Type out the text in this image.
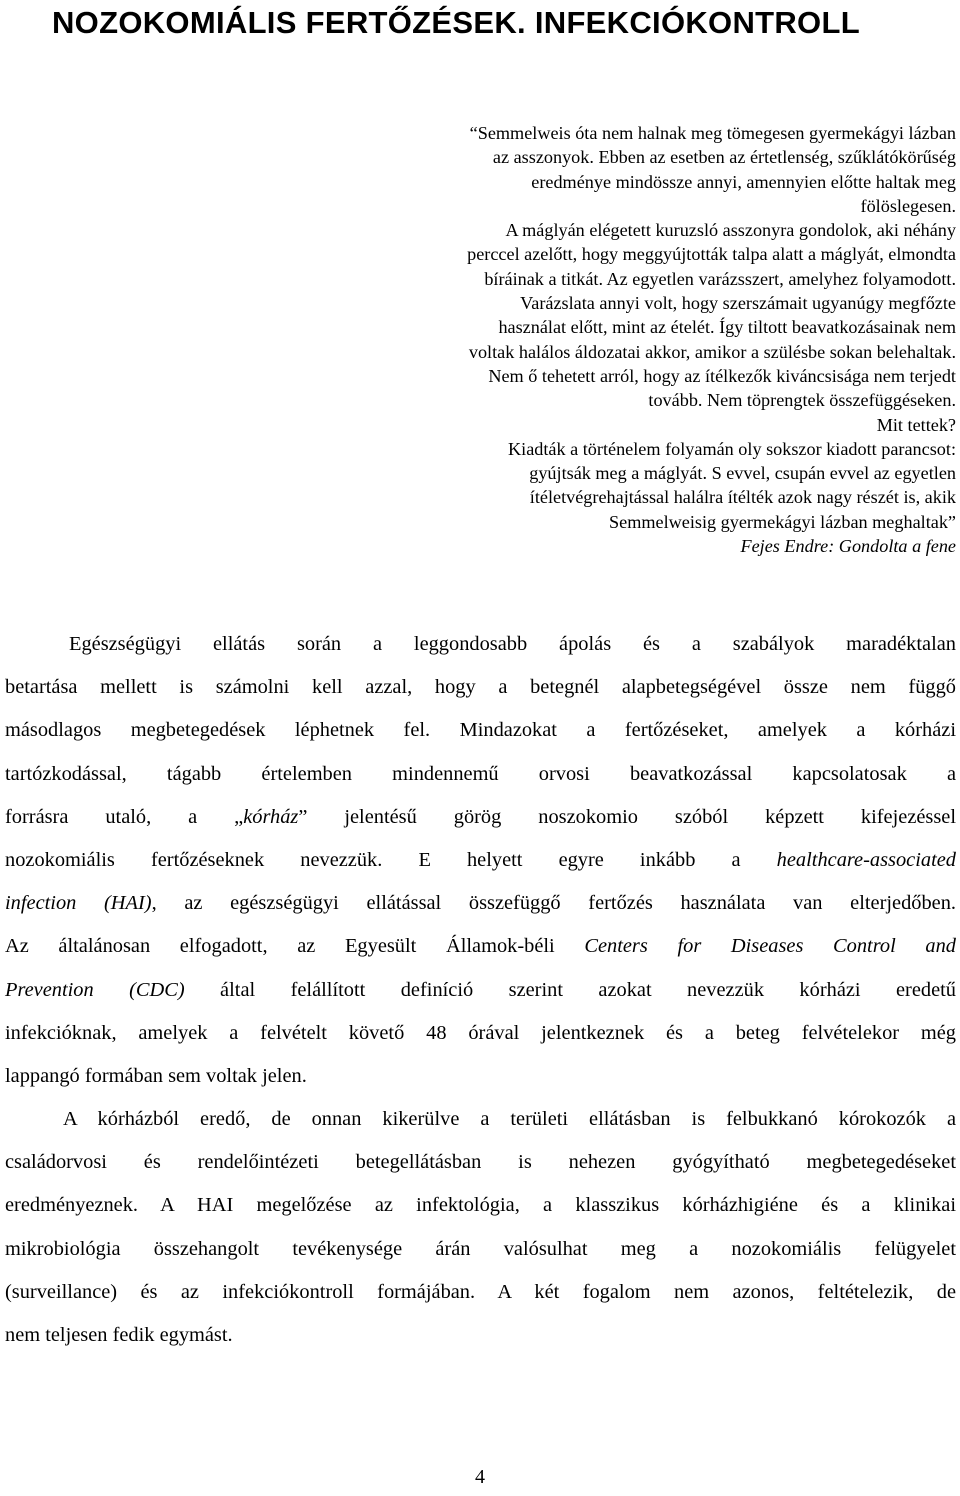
NOZOKOMIÁLIS FERTŐZÉSEK. INFEKCIÓKONTROLL
“Semmelweis óta nem halnak meg tömegesen gyermekágyi lázban
az asszonyok. Ebben az esetben az értetlenség, szűklátókörűség
eredménye mindössze annyi, amennyien előtte haltak meg
fölöslegesen.
A máglyán elégetett kuruzsló asszonyra gondolok, aki néhány
perccel azelőtt, hogy meggyújtották talpa alatt a máglyát, elmondta
bíráinak a titkát. Az egyetlen varázsszert, amelyhez folyamodott.
Varázslata annyi volt, hogy szerszámait ugyanúgy megfőzte
használat előtt, mint az ételét. Így tiltott beavatkozásainak nem
voltak halálos áldozatai akkor, amikor a szülésbe sokan belehaltak.
Nem ő tehetett arról, hogy az ítélkezők kiváncsisága nem terjedt
tovább. Nem töprengtek összefüggéseken.
Mit tettek?
Kiadták a történelem folyamán oly sokszor kiadott parancsot:
gyújtsák meg a máglyát. S evvel, csupán evvel az egyetlen
ítéletvégrehajtással halálra ítélték azok nagy részét is, akik
Semmelweisig gyermekágyi lázban meghaltak”
Fejes Endre: Gondolta a fene
Egészségügyi ellátás során a leggondosabb ápolás és a szabályok maradéktalan
betartása mellett is számolni kell azzal, hogy a betegnél alapbetegségével össze nem függő
másodlagos megbetegedések léphetnek fel. Mindazokat a fertőzéseket, amelyek a kórházi
tartózkodással, tágabb értelemben mindennemű orvosi beavatkozással kapcsolatosak a
forrásra utaló, a „kórház” jelentésű görög noszokomio szóból képzett kifejezéssel
nozokomiális fertőzéseknek nevezzük. E helyett egyre inkább a healthcare-associated
infection (HAI), az egészségügyi ellátással összefüggő fertőzés használata van elterjedőben.
Az általánosan elfogadott, az Egyesült Államok-béli Centers for Diseases Control and
Prevention (CDC) által felállított definíció szerint azokat nevezzük kórházi eredetű
infekcióknak, amelyek a felvételt követő 48 órával jelentkeznek és a beteg felvételekor még
lappangó formában sem voltak jelen.
A kórházból eredő, de onnan kikerülve a területi ellátásban is felbukkanó kórokozók a
családorvosi és rendelőintézeti betegellátásban is nehezen gyógyítható megbetegedéseket
eredményeznek. A HAI megelőzése az infektológia, a klasszikus kórházhigiéne és a klinikai
mikrobiológia összehangolt tevékenysége árán valósulhat meg a nozokomiális felügyelet
(surveillance) és az infekciókontroll formájában. A két fogalom nem azonos, feltételezik, de
nem teljesen fedik egymást.
4
